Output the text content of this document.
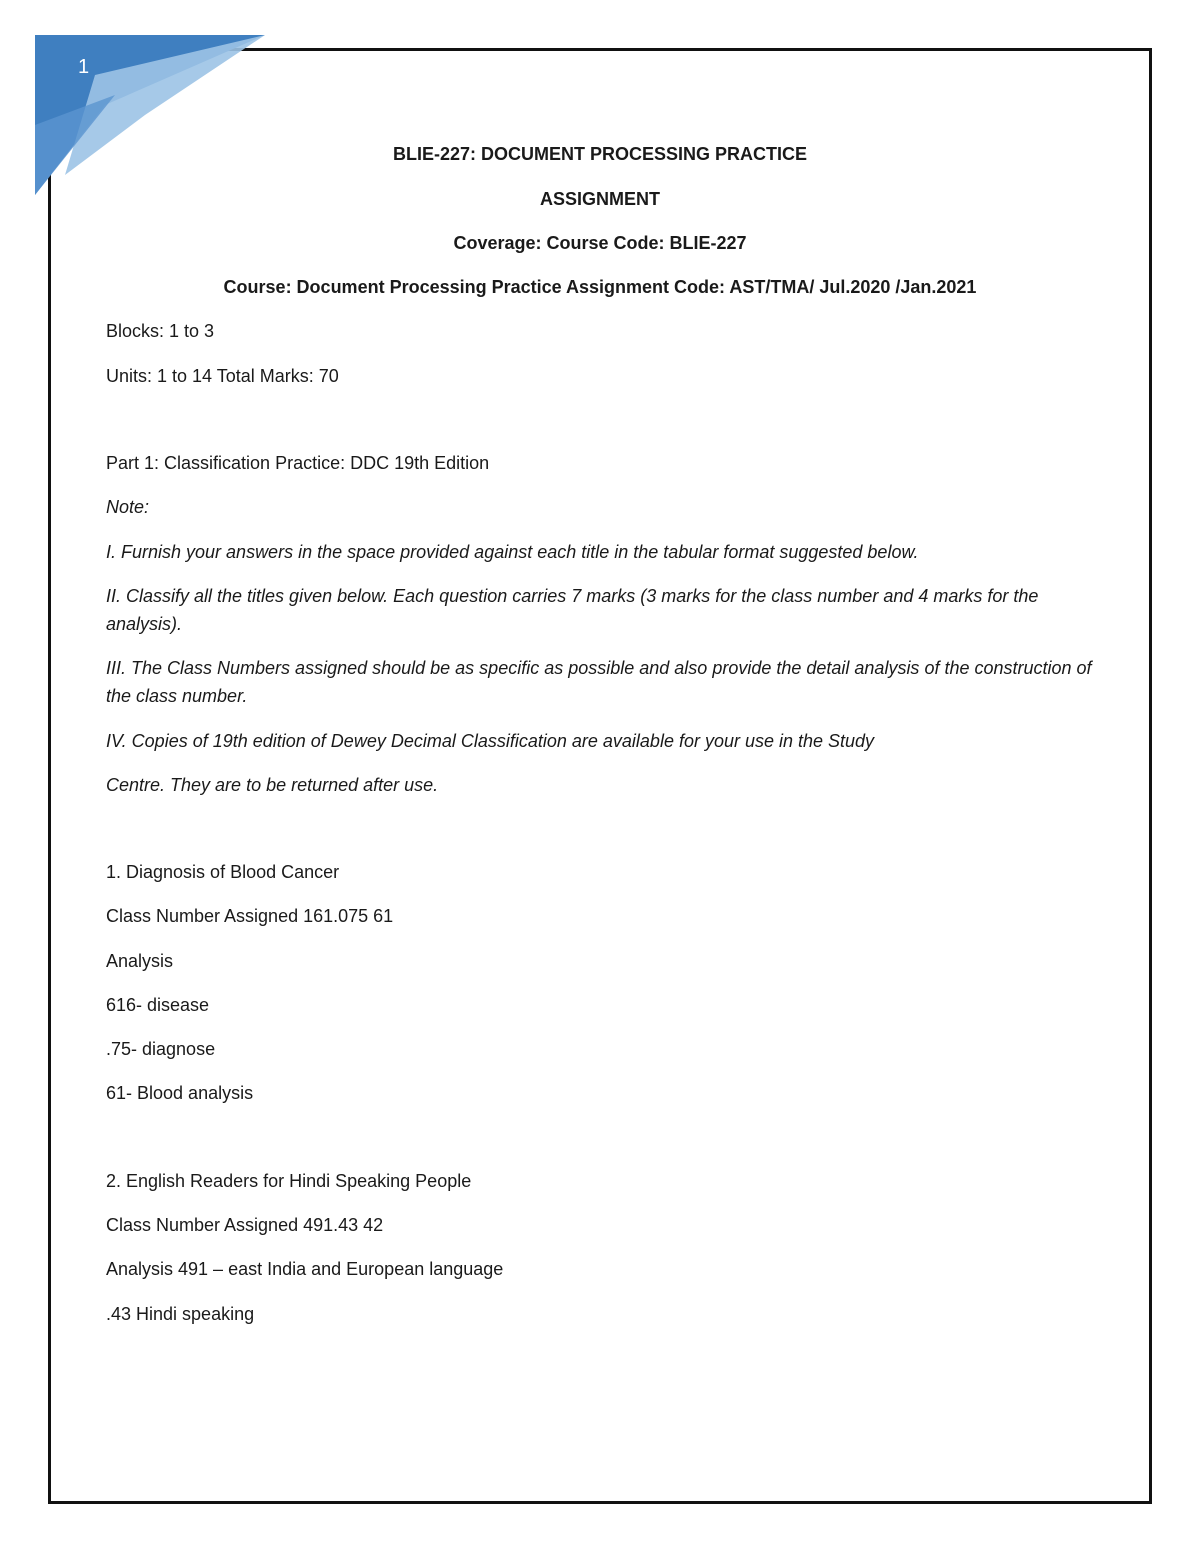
1
BLIE-227: DOCUMENT PROCESSING PRACTICE
ASSIGNMENT
Coverage: Course Code: BLIE-227
Course: Document Processing Practice Assignment Code: AST/TMA/ Jul.2020 /Jan.2021
Blocks: 1 to 3
Units: 1 to 14 Total Marks: 70
Part 1: Classification Practice: DDC 19th Edition
Note:
I. Furnish your answers in the space provided against each title in the tabular format suggested below.
II. Classify all the titles given below. Each question carries 7 marks (3 marks for the class number and 4 marks for the analysis).
III. The Class Numbers assigned should be as specific as possible and also provide the detail analysis of the construction of the class number.
IV. Copies of 19th edition of Dewey Decimal Classification are available for your use in the Study
Centre. They are to be returned after use.
1. Diagnosis of Blood Cancer
Class Number Assigned 161.075 61
Analysis
616- disease
.75- diagnose
61- Blood analysis
2. English Readers for Hindi Speaking People
Class Number Assigned 491.43 42
Analysis 491 – east India and European language
.43 Hindi speaking
